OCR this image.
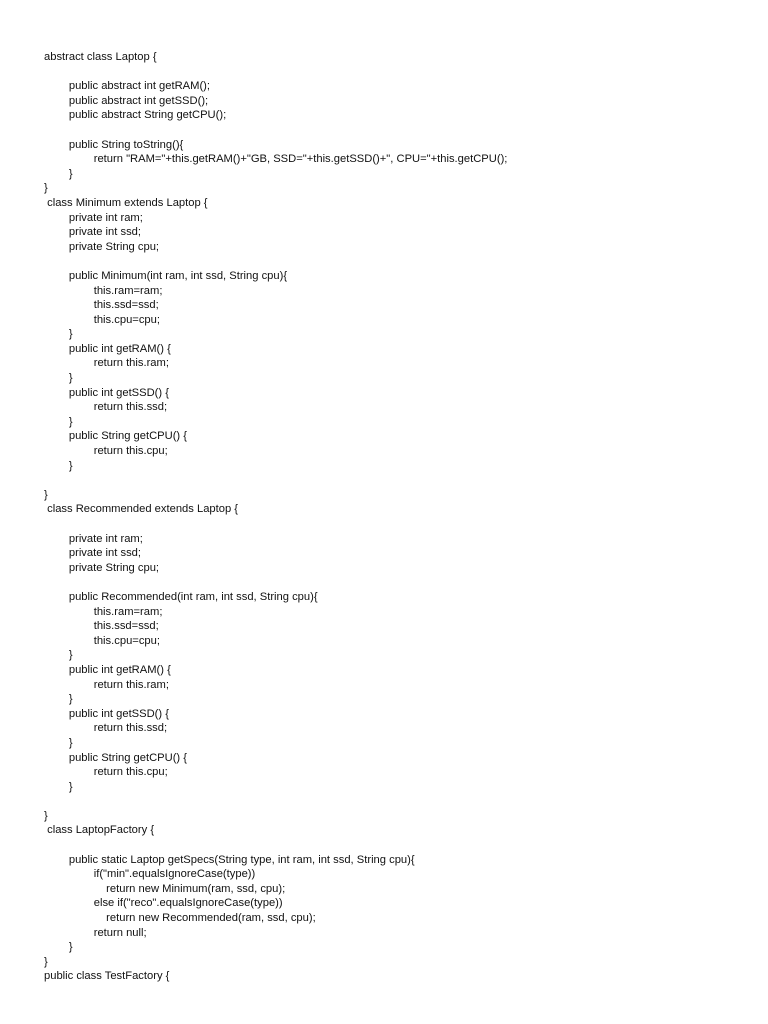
abstract class Laptop {
public abstract int getRAM();
public abstract int getSSD();
public abstract String getCPU();
public String toString(){
return "RAM="+this.getRAM()+"GB, SSD="+this.getSSD()+", CPU="+this.getCPU();
}
}
class Minimum extends Laptop {
private int ram;
private int ssd;
private String cpu;
public Minimum(int ram, int ssd, String cpu){
this.ram=ram;
this.ssd=ssd;
this.cpu=cpu;
}
public int getRAM() {
return this.ram;
}
public int getSSD() {
return this.ssd;
}
public String getCPU() {
return this.cpu;
}
}
class Recommended extends Laptop {
private int ram;
private int ssd;
private String cpu;
public Recommended(int ram, int ssd, String cpu){
this.ram=ram;
this.ssd=ssd;
this.cpu=cpu;
}
public int getRAM() {
return this.ram;
}
public int getSSD() {
return this.ssd;
}
public String getCPU() {
return this.cpu;
}
}
class LaptopFactory {
public static Laptop getSpecs(String type, int ram, int ssd, String cpu){
if("min".equalsIgnoreCase(type))
return new Minimum(ram, ssd, cpu);
else if("reco".equalsIgnoreCase(type))
return new Recommended(ram, ssd, cpu);
return null;
}
}
public class TestFactory {
